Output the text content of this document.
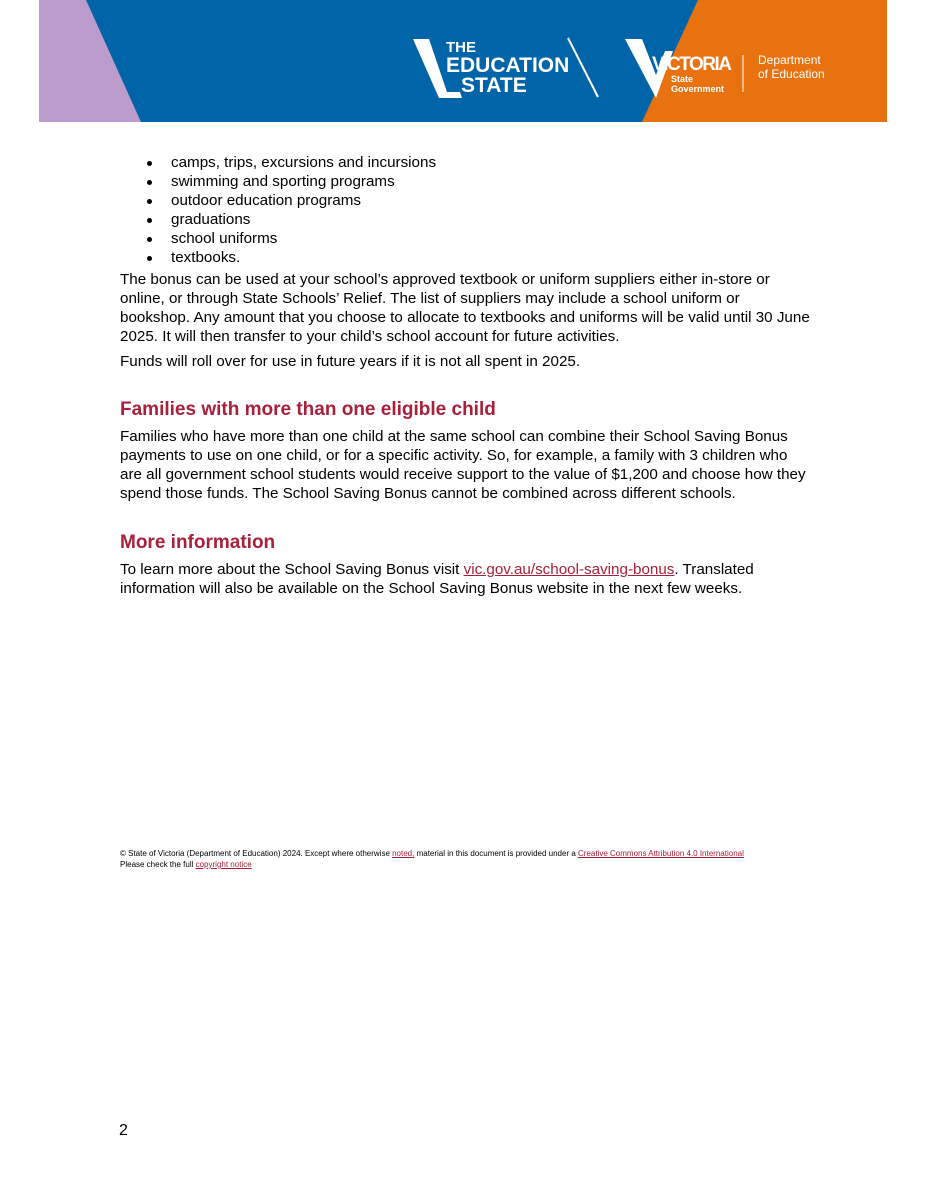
THE
EDUCATION
STATE
VICTORIA
State
Government
Department
of Education
camps, trips, excursions and incursions
swimming and sporting programs
outdoor education programs
graduations
school uniforms
textbooks.

The bonus can be used at your school’s approved textbook or uniform suppliers either in-store or online, or through State Schools’ Relief. The list of suppliers may include a school uniform or bookshop. Any amount that you choose to allocate to textbooks and uniforms will be valid until 30 June 2025. It will then transfer to your child’s school account for future activities.

Funds will roll over for use in future years if it is not all spent in 2025.

Families with more than one eligible child

Families who have more than one child at the same school can combine their School Saving Bonus payments to use on one child, or for a specific activity. So, for example, a family with 3 children who are all government school students would receive support to the value of $1,200 and choose how they spend those funds. The School Saving Bonus cannot be combined across different schools.

More information

To learn more about the School Saving Bonus visit vic.gov.au/school-saving-bonus. Translated information will also be available on the School Saving Bonus website in the next few weeks.

© State of Victoria (Department of Education) 2024. Except where otherwise noted, material in this document is provided under a Creative Commons Attribution 4.0 International
Please check the full copyright notice
2
